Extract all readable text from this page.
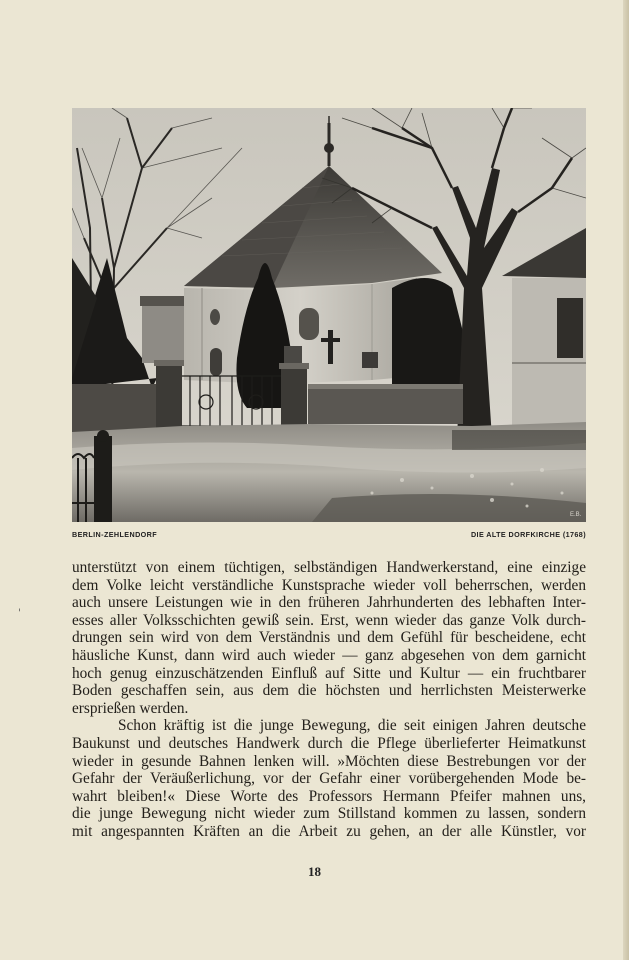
E.B.
BERLIN-ZEHLENDORF	DIE ALTE DORFKIRCHE (1768)
'
unterstützt von einem tüchtigen, selbständigen Handwerkerstand, eine einzige
dem Volke leicht verständliche Kunstsprache wieder voll beherrschen, werden
auch unsere Leistungen wie in den früheren Jahrhunderten des lebhaften Inter-
esses aller Volksschichten gewiß sein. Erst, wenn wieder das ganze Volk durch-
drungen sein wird von dem Verständnis und dem Gefühl für bescheidene, echt
häusliche Kunst, dann wird auch wieder — ganz abgesehen von dem garnicht
hoch genug einzuschätzenden Einfluß auf Sitte und Kultur — ein fruchtbarer
Boden geschaffen sein, aus dem die höchsten und herrlichsten Meisterwerke
ersprießen werden.
Schon kräftig ist die junge Bewegung, die seit einigen Jahren deutsche
Baukunst und deutsches Handwerk durch die Pflege überlieferter Heimatkunst
wieder in gesunde Bahnen lenken will. »Möchten diese Bestrebungen vor der
Gefahr der Veräußerlichung, vor der Gefahr einer vorübergehenden Mode be-
wahrt bleiben!« Diese Worte des Professors Hermann Pfeifer mahnen uns,
die junge Bewegung nicht wieder zum Stillstand kommen zu lassen, sondern
mit angespannten Kräften an die Arbeit zu gehen, an der alle Künstler, vor
18
